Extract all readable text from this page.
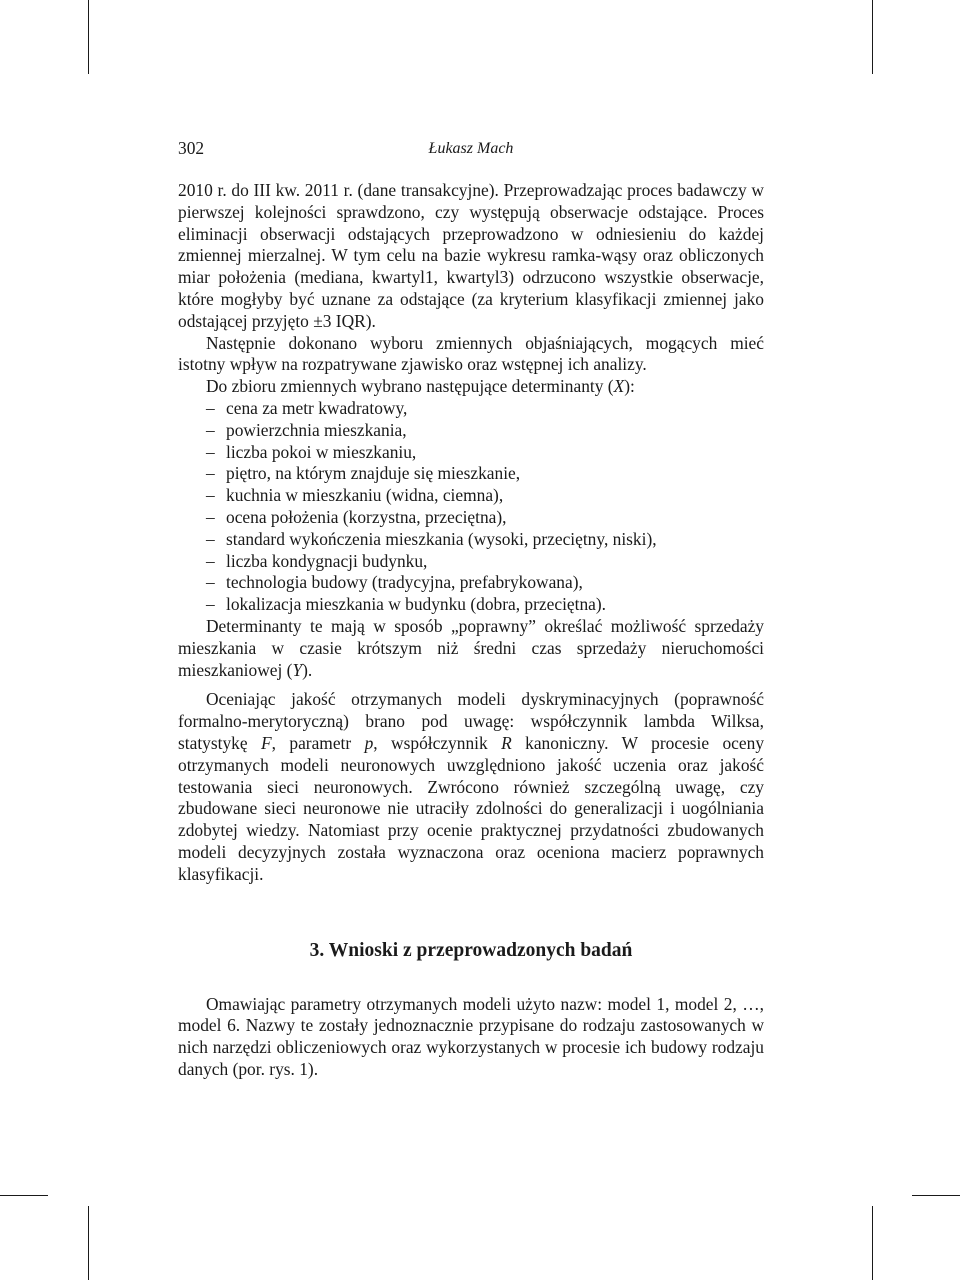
302	Łukasz Mach

2010 r. do III kw. 2011 r. (dane transakcyjne). Przeprowadzając proces badawczy w pierwszej kolejności sprawdzono, czy występują obserwacje odstające. Proces eliminacji obserwacji odstających przeprowadzono w odniesieniu do każdej zmiennej mierzalnej. W tym celu na bazie wykresu ramka-wąsy oraz obliczonych miar położenia (mediana, kwartyl1, kwartyl3) odrzucono wszystkie obserwacje, które mogłyby być uznane za odstające (za kryterium klasyfikacji zmiennej jako odstającej przyjęto ±3 IQR).

Następnie dokonano wyboru zmiennych objaśniających, mogących mieć istotny wpływ na rozpatrywane zjawisko oraz wstępnej ich analizy.

Do zbioru zmiennych wybrano następujące determinanty (X):

– cena za metr kwadratowy,
– powierzchnia mieszkania,
– liczba pokoi w mieszkaniu,
– piętro, na którym znajduje się mieszkanie,
– kuchnia w mieszkaniu (widna, ciemna),
– ocena położenia (korzystna, przeciętna),
– standard wykończenia mieszkania (wysoki, przeciętny, niski),
– liczba kondygnacji budynku,
– technologia budowy (tradycyjna, prefabrykowana),
– lokalizacja mieszkania w budynku (dobra, przeciętna).

Determinanty te mają w sposób „poprawny” określać możliwość sprzedaży mieszkania w czasie krótszym niż średni czas sprzedaży nieruchomości mieszkaniowej (Y).

Oceniając jakość otrzymanych modeli dyskryminacyjnych (poprawność formalno-merytoryczną) brano pod uwagę: współczynnik lambda Wilksa, statystykę F, parametr p, współczynnik R kanoniczny. W procesie oceny otrzymanych modeli neuronowych uwzględniono jakość uczenia oraz jakość testowania sieci neuronowych. Zwrócono również szczególną uwagę, czy zbudowane sieci neuronowe nie utraciły zdolności do generalizacji i uogólniania zdobytej wiedzy. Natomiast przy ocenie praktycznej przydatności zbudowanych modeli decyzyjnych została wyznaczona oraz oceniona macierz poprawnych klasyfikacji.

3. Wnioski z przeprowadzonych badań

Omawiając parametry otrzymanych modeli użyto nazw: model 1, model 2, …, model 6. Nazwy te zostały jednoznacznie przypisane do rodzaju zastosowanych w nich narzędzi obliczeniowych oraz wykorzystanych w procesie ich budowy rodzaju danych (por. rys. 1).
